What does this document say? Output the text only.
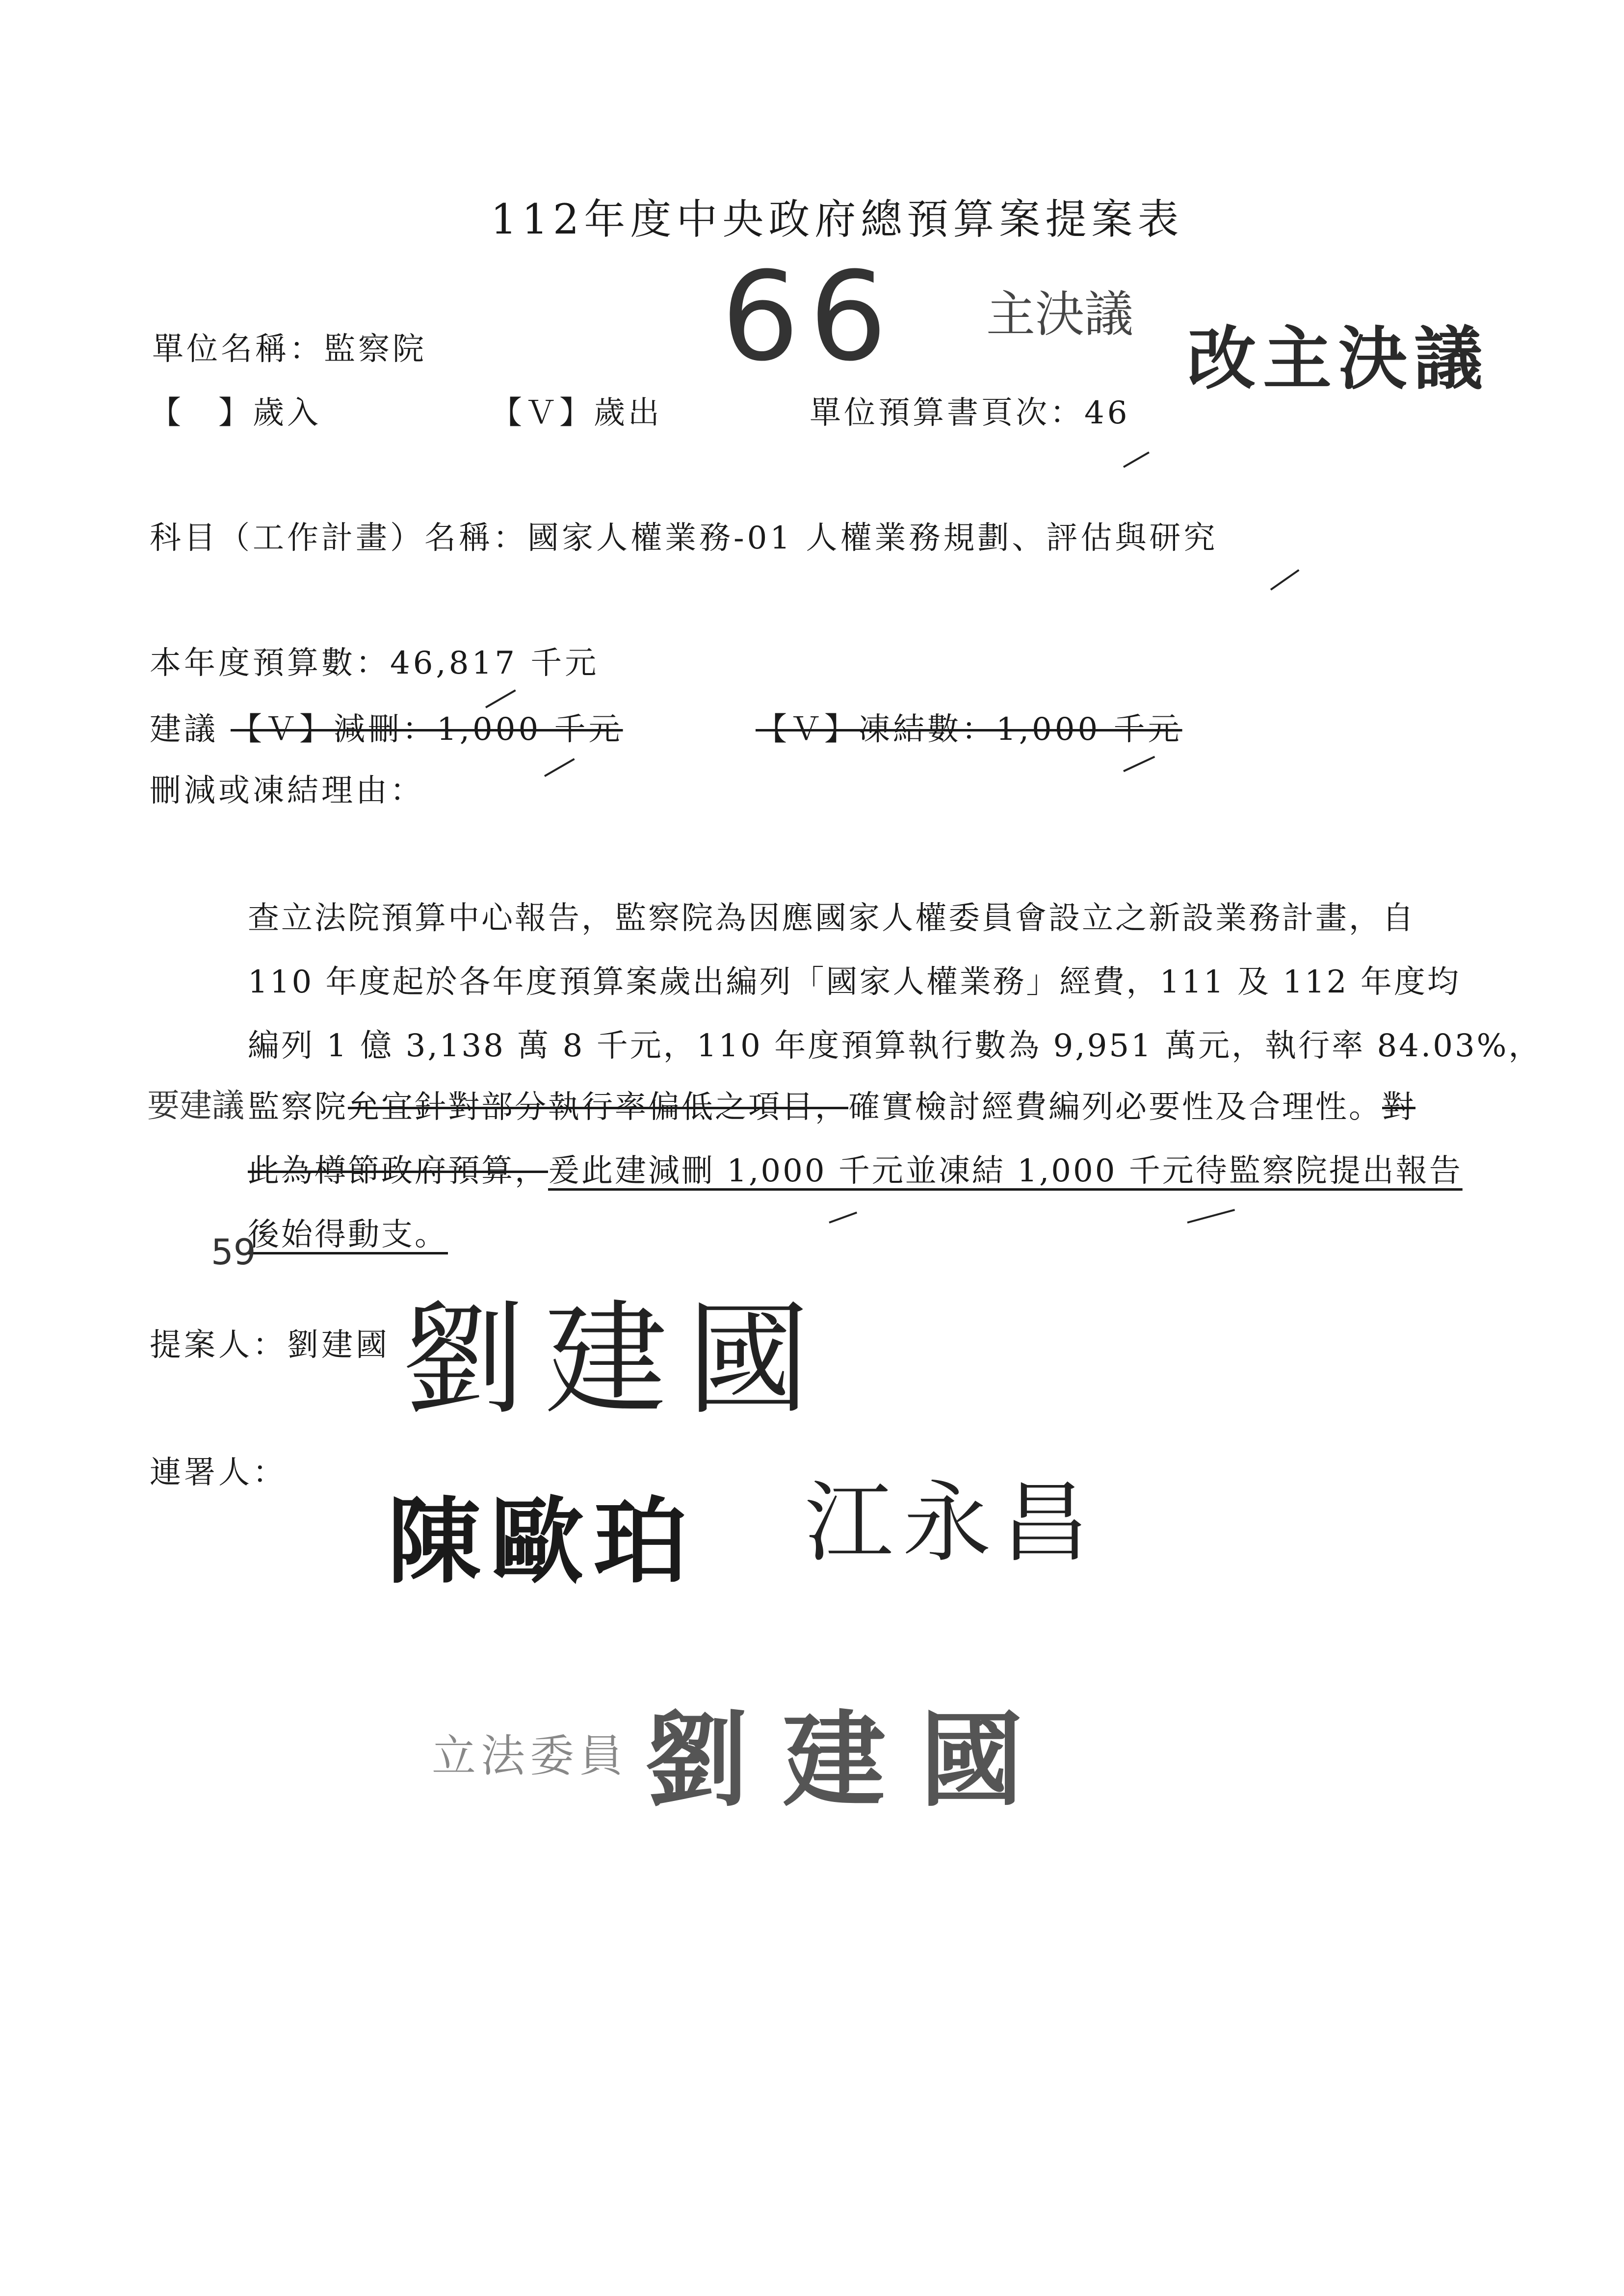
112年度中央政府總預算案提案表
66 主決議
改主決議
單位名稱：監察院
【　】歲入	【Ｖ】歲出	單位預算書頁次：46
科目（工作計畫）名稱：國家人權業務-01 人權業務規劃、評估與研究
本年度預算數：46,817 千元
建議 【Ｖ】減刪：1,000 千元	【Ｖ】凍結數：1,000 千元
刪減或凍結理由：
查立法院預算中心報告，監察院為因應國家人權委員會設立之新設業務計畫，自
110 年度起於各年度預算案歲出編列「國家人權業務」經費，111 及 112 年度均
編列 1 億 3,138 萬 8 千元，110 年度預算執行數為 9,951 萬元，執行率 84.03%，
要建議 監察院允宜針對部分執行率偏低之項目，確實檢討經費編列必要性及合理性。對
此為樽節政府預算，爰此建減刪 1,000 千元並凍結 1,000 千元待監察院提出報告
後始得動支。
59
提案人：劉建國 劉建國
連署人：
陳歐珀 江永昌
立法委員 劉建國
